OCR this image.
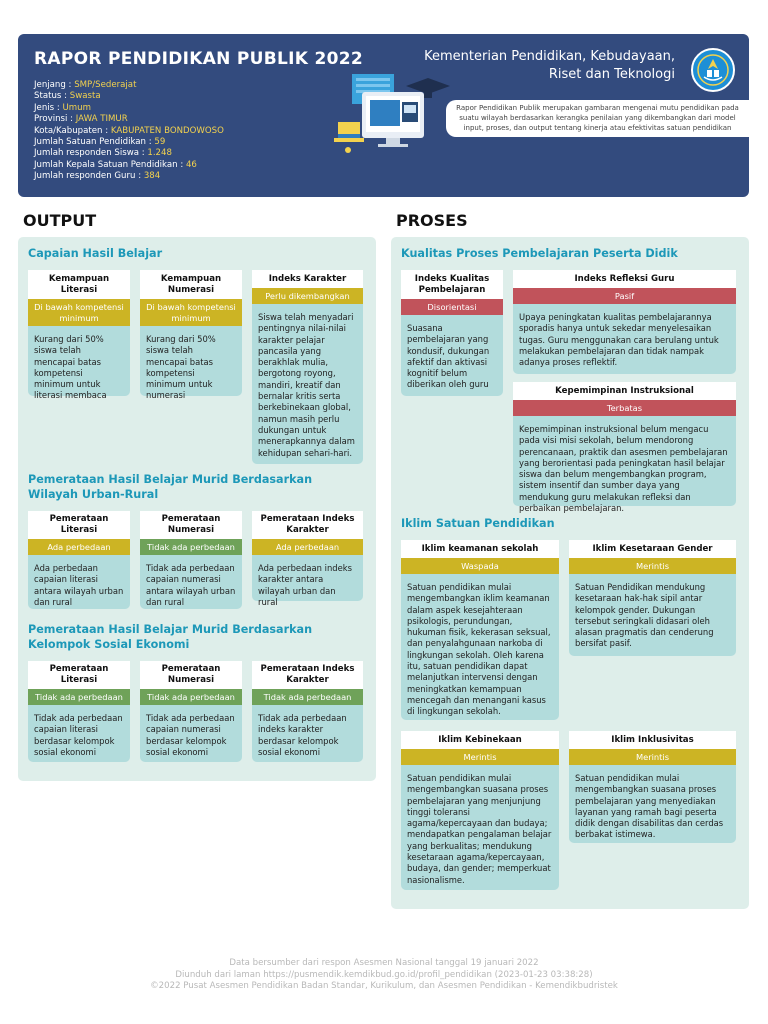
RAPOR PENDIDIKAN PUBLIK 2022
Jenjang : SMP/Sederajat
Status : Swasta
Jenis : Umum
Provinsi : JAWA TIMUR
Kota/Kabupaten : KABUPATEN BONDOWOSO
Jumlah Satuan Pendidikan : 59
Jumlah responden Siswa : 1.248
Jumlah Kepala Satuan Pendidikan : 46
Jumlah responden Guru : 384
Kementerian Pendidikan, Kebudayaan,
Riset dan Teknologi
Rapor Pendidikan Publik merupakan gambaran mengenai mutu pendidikan pada suatu wilayah berdasarkan kerangka penilaian yang dikembangkan dari model input, proses, dan output tentang kinerja atau efektivitas satuan pendidikan
OUTPUT	PROSES
Capaian Hasil Belajar
Kemampuan Literasi
Di bawah kompetensi minimum
Kurang dari 50% siswa telah mencapai batas kompetensi minimum untuk literasi membaca
Kemampuan Numerasi
Di bawah kompetensi minimum
Kurang dari 50% siswa telah mencapai batas kompetensi minimum untuk numerasi
Indeks Karakter
Perlu dikembangkan
Siswa telah menyadari pentingnya nilai-nilai karakter pelajar pancasila yang berakhlak mulia, bergotong royong, mandiri, kreatif dan bernalar kritis serta berkebinekaan global, namun masih perlu dukungan untuk menerapkannya dalam kehidupan sehari-hari.
Pemerataan Hasil Belajar Murid Berdasarkan Wilayah Urban-Rural
Pemerataan Literasi
Ada perbedaan
Ada perbedaan capaian literasi antara wilayah urban dan rural
Pemerataan Numerasi
Tidak ada perbedaan
Tidak ada perbedaan capaian numerasi antara wilayah urban dan rural
Pemerataan Indeks Karakter
Ada perbedaan
Ada perbedaan indeks karakter antara wilayah urban dan rural
Pemerataan Hasil Belajar Murid Berdasarkan Kelompok Sosial Ekonomi
Pemerataan Literasi
Tidak ada perbedaan
Tidak ada perbedaan capaian literasi berdasar kelompok sosial ekonomi
Pemerataan Numerasi
Tidak ada perbedaan
Tidak ada perbedaan capaian numerasi berdasar kelompok sosial ekonomi
Pemerataan Indeks Karakter
Tidak ada perbedaan
Tidak ada perbedaan indeks karakter berdasar kelompok sosial ekonomi
Kualitas Proses Pembelajaran Peserta Didik
Indeks Kualitas Pembelajaran
Disorientasi
Suasana pembelajaran yang kondusif, dukungan afektif dan aktivasi kognitif belum diberikan oleh guru
Indeks Refleksi Guru
Pasif
Upaya peningkatan kualitas pembelajarannya sporadis hanya untuk sekedar menyelesaikan tugas. Guru menggunakan cara berulang untuk melakukan pembelajaran dan tidak nampak adanya proses reflektif.
Kepemimpinan Instruksional
Terbatas
Kepemimpinan instruksional belum mengacu pada visi misi sekolah, belum mendorong perencanaan, praktik dan asesmen pembelajaran yang berorientasi pada peningkatan hasil belajar siswa dan belum mengembangkan program, sistem insentif dan sumber daya yang mendukung guru melakukan refleksi dan perbaikan pembelajaran.
Iklim Satuan Pendidikan
Iklim keamanan sekolah
Waspada
Satuan pendidikan mulai mengembangkan iklim keamanan dalam aspek kesejahteraan psikologis, perundungan, hukuman fisik, kekerasan seksual, dan penyalahgunaan narkoba di lingkungan sekolah. Oleh karena itu, satuan pendidikan dapat melanjutkan intervensi dengan meningkatkan kemampuan mencegah dan menangani kasus di lingkungan sekolah.
Iklim Kesetaraan Gender
Merintis
Satuan Pendidikan mendukung kesetaraan hak-hak sipil antar kelompok gender. Dukungan tersebut seringkali didasari oleh alasan pragmatis dan cenderung bersifat pasif.
Iklim Kebinekaan
Merintis
Satuan pendidikan mulai mengembangkan suasana proses pembelajaran yang menjunjung tinggi toleransi agama/kepercayaan dan budaya; mendapatkan pengalaman belajar yang berkualitas; mendukung kesetaraan agama/kepercayaan, budaya, dan gender; memperkuat nasionalisme.
Iklim Inklusivitas
Merintis
Satuan pendidikan mulai mengembangkan suasana proses pembelajaran yang menyediakan layanan yang ramah bagi peserta didik dengan disabilitas dan cerdas berbakat istimewa.
Data bersumber dari respon Asesmen Nasional tanggal 19 januari 2022
Diunduh dari laman https://pusmendik.kemdikbud.go.id/profil_pendidikan (2023-01-23 03:38:28)
©2022 Pusat Asesmen Pendidikan Badan Standar, Kurikulum, dan Asesmen Pendidikan - Kemendikbudristek
